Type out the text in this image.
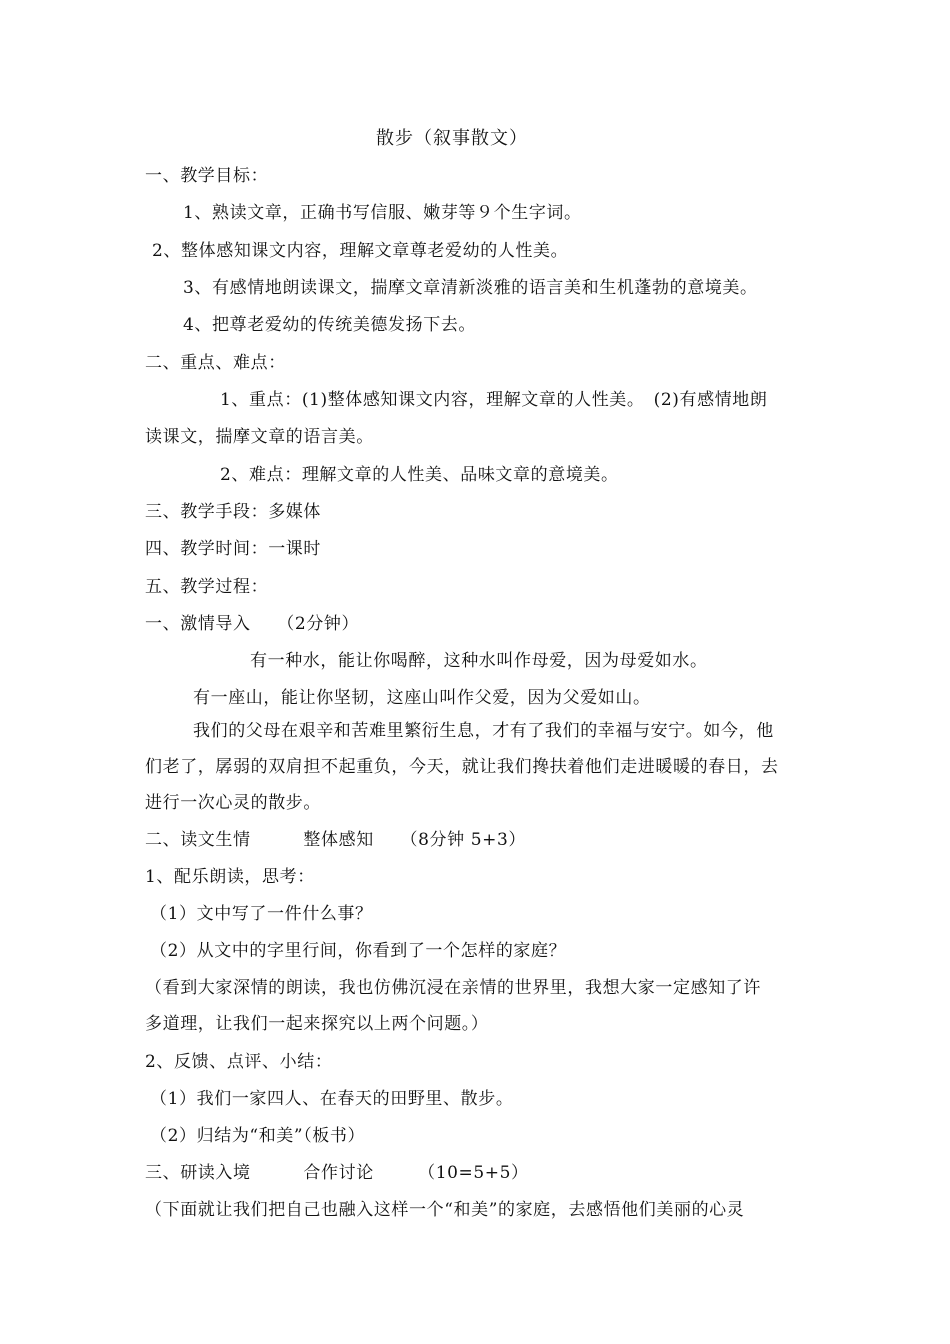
散步（叙事散文）
一、教学目标：
1、熟读文章，正确书写信服、嫩芽等９个生字词。
2、整体感知课文内容，理解文章尊老爱幼的人性美。
3、有感情地朗读课文，揣摩文章清新淡雅的语言美和生机蓬勃的意境美。
4、把尊老爱幼的传统美德发扬下去。
二、重点、难点：
1、重点：(1)整体感知课文内容，理解文章的人性美。　(2)有感情地朗
读课文，揣摩文章的语言美。
2、难点：理解文章的人性美、品味文章的意境美。
三、教学手段：多媒体
四、教学时间：一课时
五、教学过程：
一、激情导入　　（2分钟）
有一种水，能让你喝醉，这种水叫作母爱，因为母爱如水。
有一座山，能让你坚韧，这座山叫作父爱，因为父爱如山。
我们的父母在艰辛和苦难里繁衍生息，才有了我们的幸福与安宁。如今，他
们老了，孱弱的双肩担不起重负，今天，就让我们搀扶着他们走进暖暖的春日，去
进行一次心灵的散步。
二、读文生情　　　整体感知　　（8分钟 5+3）
1、配乐朗读，思考：
（1）文中写了一件什么事？
（2）从文中的字里行间，你看到了一个怎样的家庭？
（看到大家深情的朗读，我也仿佛沉浸在亲情的世界里，我想大家一定感知了许
多道理，让我们一起来探究以上两个问题。）
2、反馈、点评、小结：
（1）我们一家四人、在春天的田野里、散步。
（2）归结为“和美”（板书）
三、研读入境　　　合作讨论　　　（10=5+5）
（下面就让我们把自己也融入这样一个“和美”的家庭，去感悟他们美丽的心灵
